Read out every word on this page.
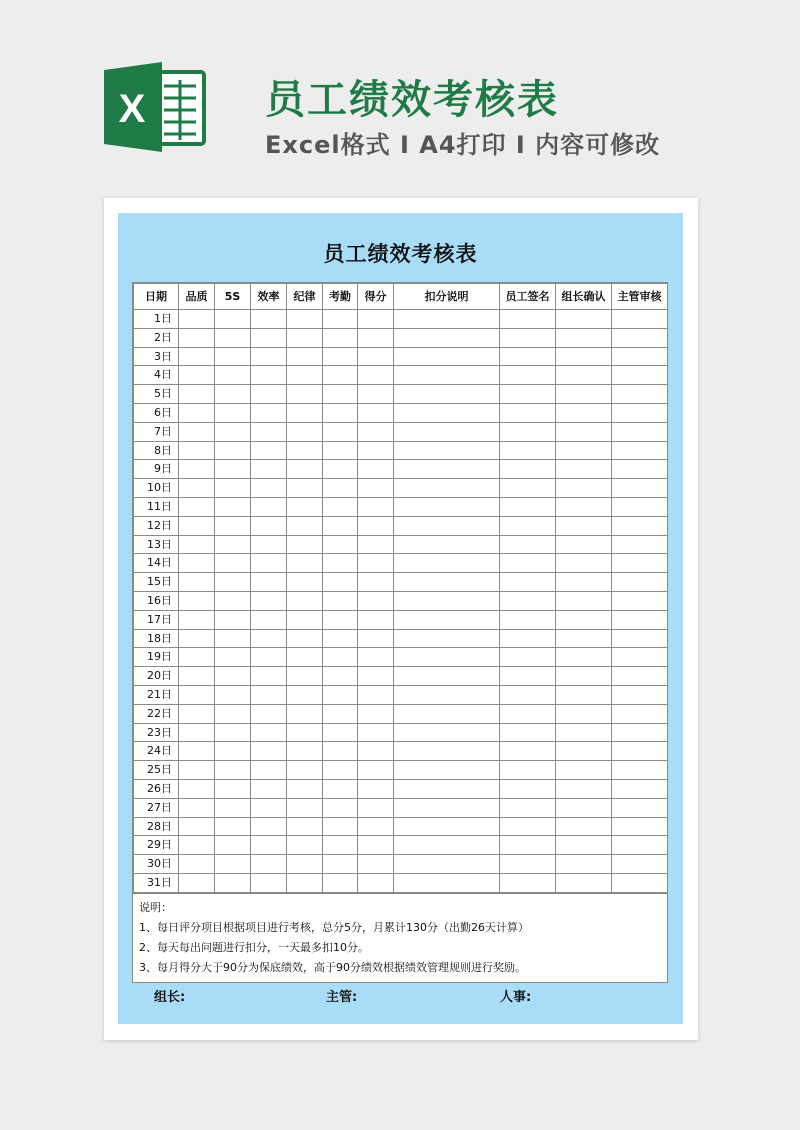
X	员工绩效考核表
Excel格式 I A4打印 I 内容可修改
员工绩效考核表
日期	品质	5S	效率	纪律	考勤	得分	扣分说明	员工签名	组长确认	主管审核
1日										
2日										
3日										
4日										
5日										
6日										
7日										
8日										
9日										
10日										
11日										
12日										
13日										
14日										
15日										
16日										
17日										
18日										
19日										
20日										
21日										
22日										
23日										
24日										
25日										
26日										
27日										
28日										
29日										
30日										
31日										
说明：
1、每日评分项目根据项目进行考核，总分5分，月累计130分（出勤26天计算）
2、每天每出问题进行扣分，一天最多扣10分。
3、每月得分大于90分为保底绩效，高于90分绩效根据绩效管理规则进行奖励。
组长:	主管:	人事:
